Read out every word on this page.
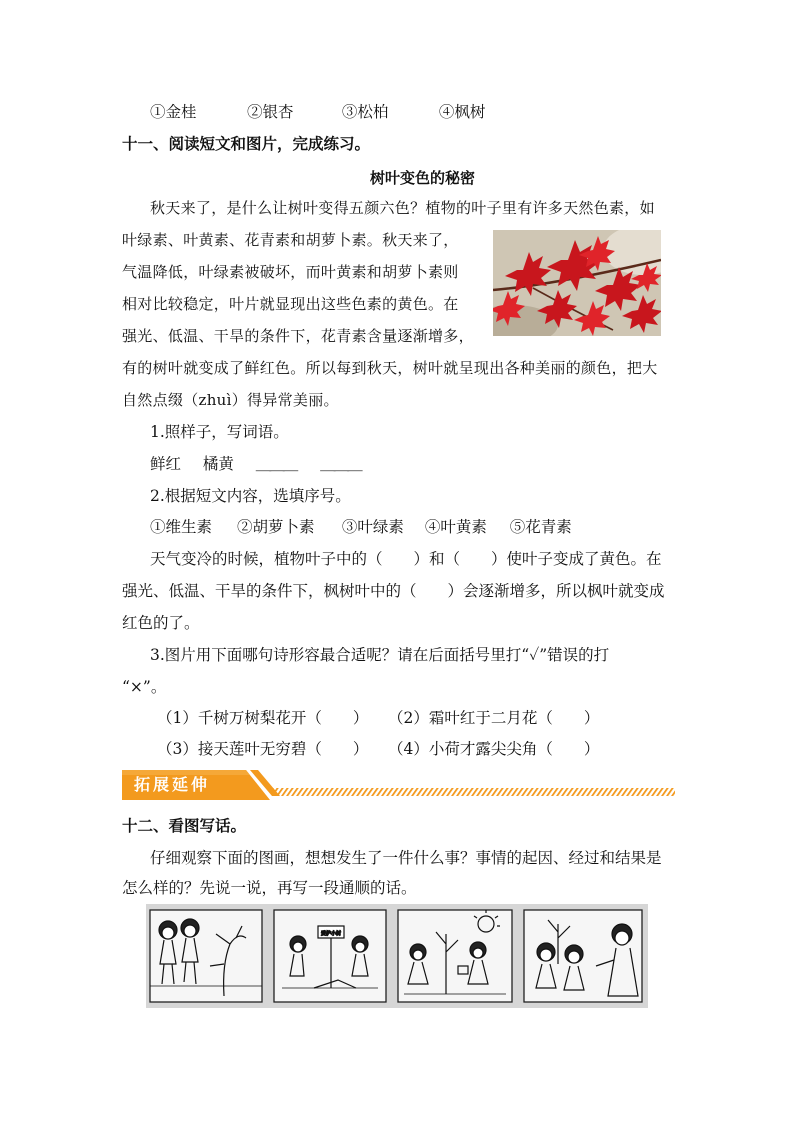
①金桂	②银杏	③松柏	④枫树
十一、阅读短文和图片，完成练习。
树叶变色的秘密
秋天来了，是什么让树叶变得五颜六色？植物的叶子里有许多天然色素，如
叶绿素、叶黄素、花青素和胡萝卜素。秋天来了，
气温降低，叶绿素被破坏，而叶黄素和胡萝卜素则
相对比较稳定，叶片就显现出这些色素的黄色。在
强光、低温、干旱的条件下，花青素含量逐渐增多，
有的树叶就变成了鲜红色。所以每到秋天，树叶就呈现出各种美丽的颜色，把大
自然点缀（zhuì）得异常美丽。
1.照样子，写词语。
鲜红 橘黄 ＿＿＿ ＿＿＿
2.根据短文内容，选填序号。
①维生素 ②胡萝卜素 ③叶绿素 ④叶黄素 ⑤花青素
天气变冷的时候，植物叶子中的（　　）和（　　）使叶子变成了黄色。在
强光、低温、干旱的条件下，枫树叶中的（　　）会逐渐增多，所以枫叶就变成
红色的了。
3.图片用下面哪句诗形容最合适呢？请在后面括号里打“✓”错误的打
“×”。
（1）千树万树梨花开（　　） （2）霜叶红于二月花（　　）
（3）接天莲叶无穷碧（　　） （4）小荷才露尖尖角（　　）
拓展延伸
十二、看图写话。
仔细观察下面的图画，想想发生了一件什么事？事情的起因、经过和结果是
怎么样的？先说一说，再写一段通顺的话。
爱护小树
